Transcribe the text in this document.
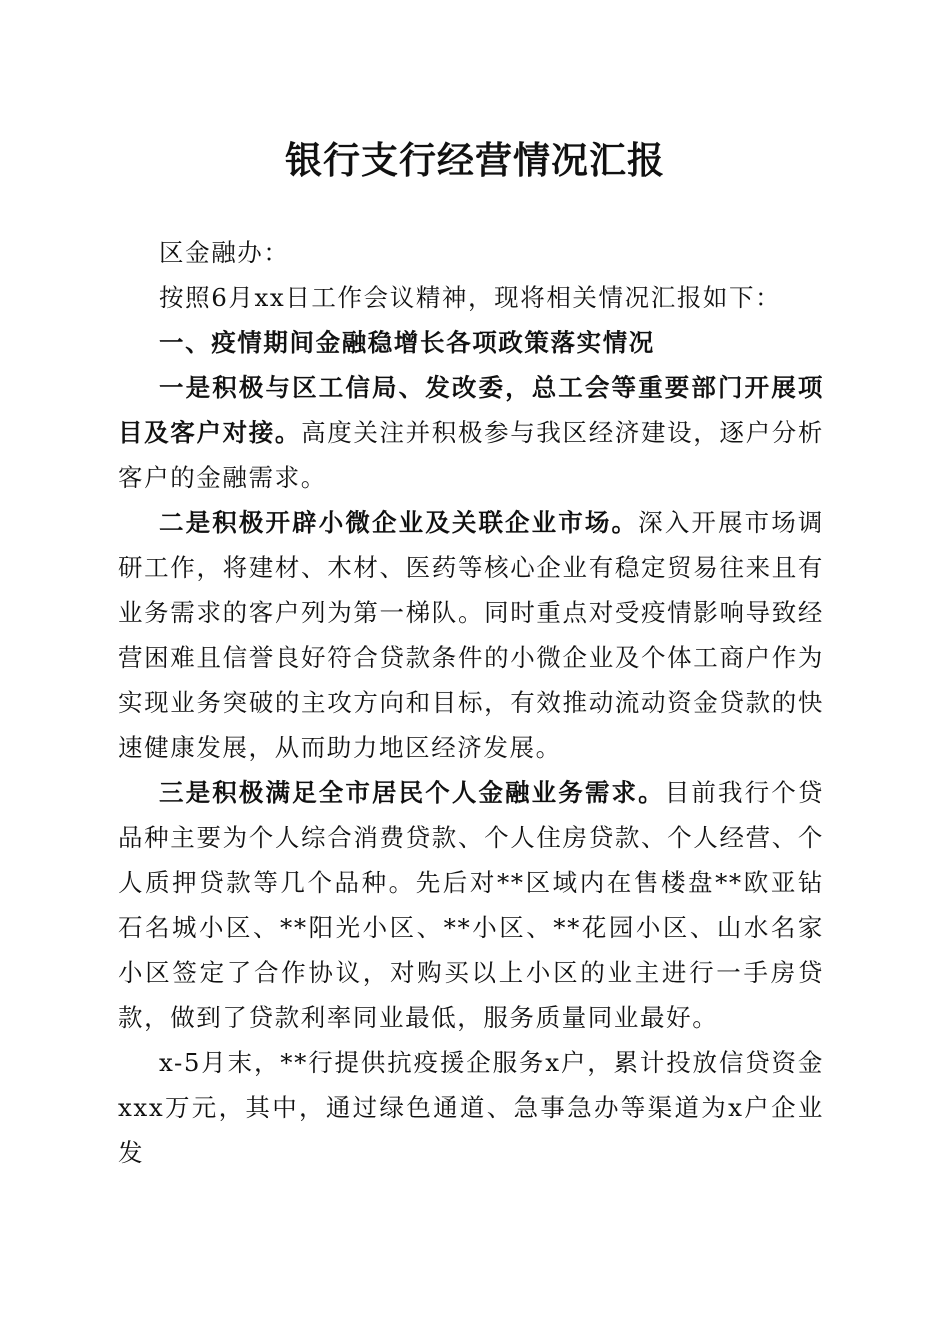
银行支行经营情况汇报

区金融办：

按照6月xx日工作会议精神，现将相关情况汇报如下：

一、疫情期间金融稳增长各项政策落实情况

一是积极与区工信局、发改委，总工会等重要部门开展项目及客户对接。高度关注并积极参与我区经济建设，逐户分析客户的金融需求。

二是积极开辟小微企业及关联企业市场。深入开展市场调研工作，将建材、木材、医药等核心企业有稳定贸易往来且有业务需求的客户列为第一梯队。同时重点对受疫情影响导致经营困难且信誉良好符合贷款条件的小微企业及个体工商户作为实现业务突破的主攻方向和目标，有效推动流动资金贷款的快速健康发展，从而助力地区经济发展。

三是积极满足全市居民个人金融业务需求。目前我行个贷品种主要为个人综合消费贷款、个人住房贷款、个人经营、个人质押贷款等几个品种。先后对**区域内在售楼盘**欧亚钻石名城小区、**阳光小区、**小区、**花园小区、山水名家小区签定了合作协议，对购买以上小区的业主进行一手房贷款，做到了贷款利率同业最低，服务质量同业最好。

x-5月末，**行提供抗疫援企服务x户，累计投放信贷资金xxx万元，其中，通过绿色通道、急事急办等渠道为x户企业发
